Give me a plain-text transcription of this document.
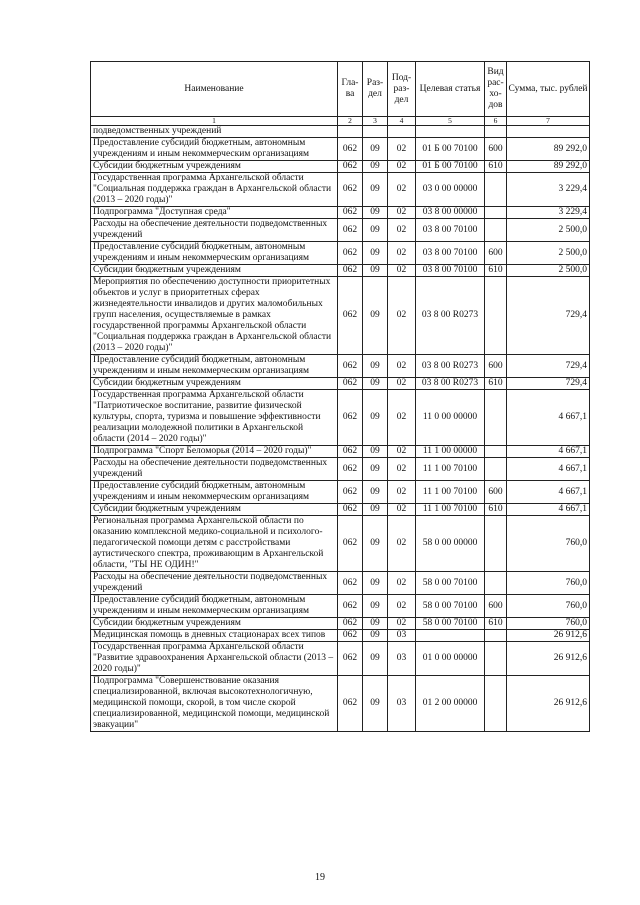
Наименование	Гла- ва	Раз- дел	Под- раз- дел	Целевая статья	Вид рас- хо- дов	Сумма, тыс. рублей
1	2	3	4	5	6	7
подведомственных учреждений						
Предоставление субсидий бюджетным, автономным учреждениям и иным некоммерческим организациям	062	09	02	01 Б 00 70100	600	89 292,0
Субсидии бюджетным учреждениям	062	09	02	01 Б 00 70100	610	89 292,0
Государственная программа Архангельской области "Социальная поддержка граждан в Архангельской области (2013 – 2020 годы)"	062	09	02	03 0 00 00000		3 229,4
Подпрограмма "Доступная среда"	062	09	02	03 8 00 00000		3 229,4
Расходы на обеспечение деятельности подведомственных учреждений	062	09	02	03 8 00 70100		2 500,0
Предоставление субсидий бюджетным, автономным учреждениям и иным некоммерческим организациям	062	09	02	03 8 00 70100	600	2 500,0
Субсидии бюджетным учреждениям	062	09	02	03 8 00 70100	610	2 500,0
Мероприятия по обеспечению доступности приоритетных объектов и услуг в приоритетных сферах жизнедеятельности инвалидов и других маломобильных групп населения, осуществляемые в рамках государственной программы Архангельской области "Социальная поддержка граждан в Архангельской области (2013 – 2020 годы)"	062	09	02	03 8 00 R0273		729,4
Предоставление субсидий бюджетным, автономным учреждениям и иным некоммерческим организациям	062	09	02	03 8 00 R0273	600	729,4
Субсидии бюджетным учреждениям	062	09	02	03 8 00 R0273	610	729,4
Государственная программа Архангельской области "Патриотическое воспитание, развитие физической культуры, спорта, туризма и повышение эффективности реализации молодежной политики в Архангельской области (2014 – 2020 годы)"	062	09	02	11 0 00 00000		4 667,1
Подпрограмма "Спорт Беломорья (2014 – 2020 годы)"	062	09	02	11 1 00 00000		4 667,1
Расходы на обеспечение деятельности подведомственных учреждений	062	09	02	11 1 00 70100		4 667,1
Предоставление субсидий бюджетным, автономным учреждениям и иным некоммерческим организациям	062	09	02	11 1 00 70100	600	4 667,1
Субсидии бюджетным учреждениям	062	09	02	11 1 00 70100	610	4 667,1
Региональная программа Архангельской области по оказанию комплексной медико-социальной и психолого-педагогической помощи детям с расстройствами аутистического спектра, проживающим в Архангельской области, "ТЫ НЕ ОДИН!"	062	09	02	58 0 00 00000		760,0
Расходы на обеспечение деятельности подведомственных учреждений	062	09	02	58 0 00 70100		760,0
Предоставление субсидий бюджетным, автономным учреждениям и иным некоммерческим организациям	062	09	02	58 0 00 70100	600	760,0
Субсидии бюджетным учреждениям	062	09	02	58 0 00 70100	610	760,0
Медицинская помощь в дневных стационарах всех типов	062	09	03			26 912,6
Государственная программа Архангельской области "Развитие здравоохранения Архангельской области (2013 – 2020 годы)"	062	09	03	01 0 00 00000		26 912,6
Подпрограмма "Совершенствование оказания специализированной, включая высокотехнологичную, медицинской помощи, скорой, в том числе скорой специализированной, медицинской помощи, медицинской эвакуации"	062	09	03	01 2 00 00000		26 912,6
19
